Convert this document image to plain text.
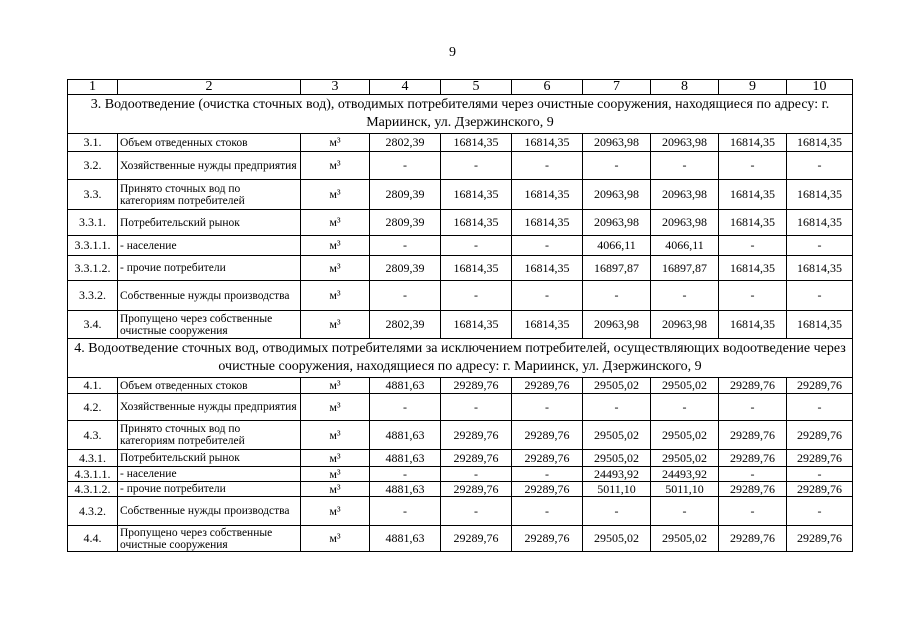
9
1	2	3	4	5	6	7	8	9	10
3. Водоотведение (очистка сточных вод), отводимых потребителями через очистные сооружения, находящиеся по адресу: г. Мариинск, ул. Дзержинского, 9									
3.1.	Объем отведенных стоков	м³	2802,39	16814,35	16814,35	20963,98	20963,98	16814,35	16814,35
3.2.	Хозяйственные нужды предприятия	м³	-	-	-	-	-	-	-
3.3.	Принято сточных вод по категориям потребителей	м³	2809,39	16814,35	16814,35	20963,98	20963,98	16814,35	16814,35
3.3.1.	Потребительский рынок	м³	2809,39	16814,35	16814,35	20963,98	20963,98	16814,35	16814,35
3.3.1.1.	- население	м³	-	-	-	4066,11	4066,11	-	-
3.3.1.2.	- прочие потребители	м³	2809,39	16814,35	16814,35	16897,87	16897,87	16814,35	16814,35
3.3.2.	Собственные нужды производства	м³	-	-	-	-	-	-	-
3.4.	Пропущено через собственные очистные сооружения	м³	2802,39	16814,35	16814,35	20963,98	20963,98	16814,35	16814,35
4. Водоотведение сточных вод, отводимых потребителями за исключением потребителей, осуществляющих водоотведение через очистные сооружения, находящиеся по адресу: г. Мариинск, ул. Дзержинского, 9									
4.1.	Объем отведенных стоков	м³	4881,63	29289,76	29289,76	29505,02	29505,02	29289,76	29289,76
4.2.	Хозяйственные нужды предприятия	м³	-	-	-	-	-	-	-
4.3.	Принято сточных вод по категориям потребителей	м³	4881,63	29289,76	29289,76	29505,02	29505,02	29289,76	29289,76
4.3.1.	Потребительский рынок	м³	4881,63	29289,76	29289,76	29505,02	29505,02	29289,76	29289,76
4.3.1.1.	- население	м³	-	-	-	24493,92	24493,92	-	-
4.3.1.2.	- прочие потребители	м³	4881,63	29289,76	29289,76	5011,10	5011,10	29289,76	29289,76
4.3.2.	Собственные нужды производства	м³	-	-	-	-	-	-	-
4.4.	Пропущено через собственные очистные сооружения	м³	4881,63	29289,76	29289,76	29505,02	29505,02	29289,76	29289,76
